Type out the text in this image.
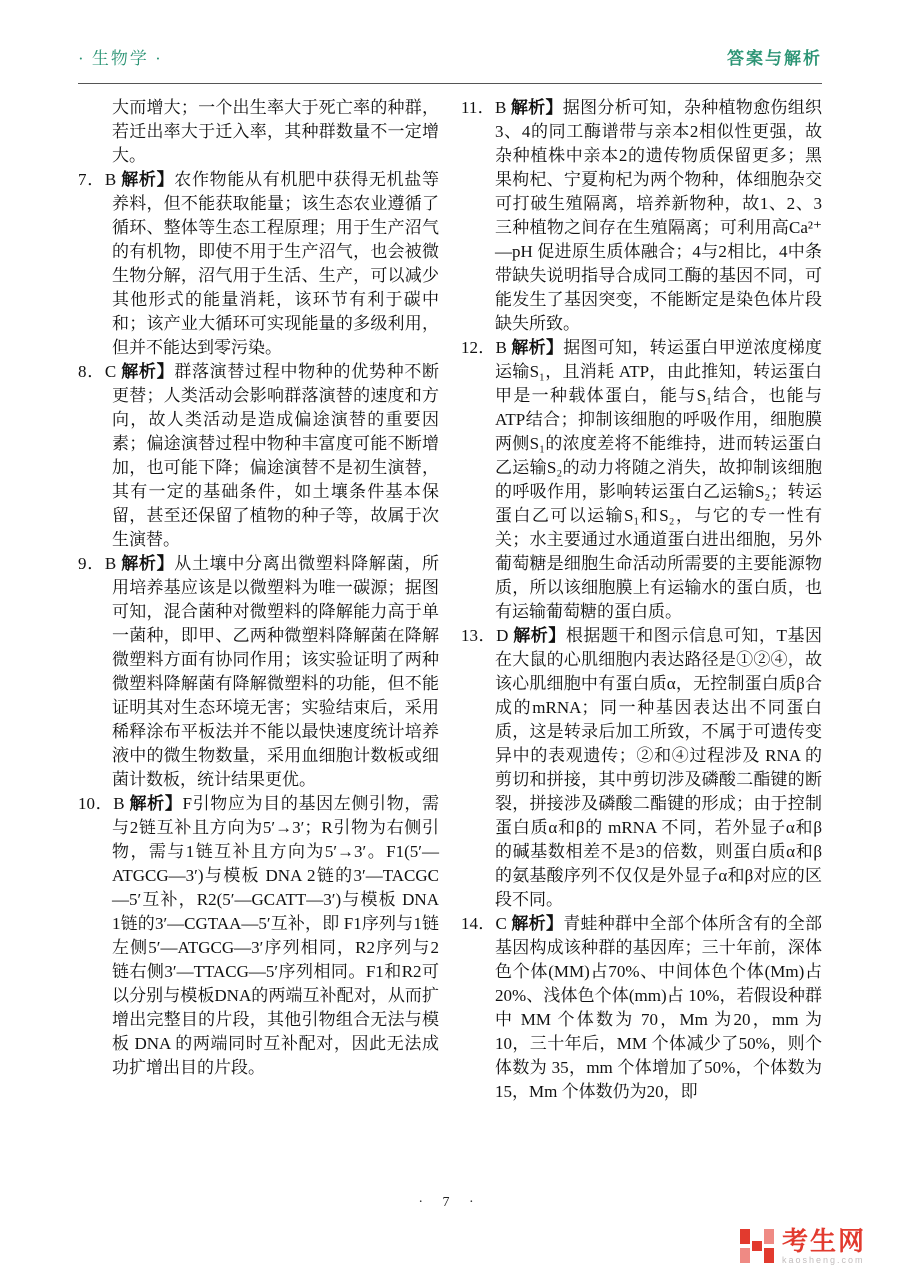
· 生物学 ·	答案与解析

大而增大；一个出生率大于死亡率的种群，若迁出率大于迁入率，其种群数量不一定增大。

7．B 解析】农作物能从有机肥中获得无机盐等养料，但不能获取能量；该生态农业遵循了循环、整体等生态工程原理；用于生产沼气的有机物，即使不用于生产沼气，也会被微生物分解，沼气用于生活、生产，可以减少其他形式的能量消耗，该环节有利于碳中和；该产业大循环可实现能量的多级利用，但并不能达到零污染。

8．C 解析】群落演替过程中物种的优势种不断更替；人类活动会影响群落演替的速度和方向，故人类活动是造成偏途演替的重要因素；偏途演替过程中物种丰富度可能不断增加，也可能下降；偏途演替不是初生演替，其有一定的基础条件，如土壤条件基本保留，甚至还保留了植物的种子等，故属于次生演替。

9．B 解析】从土壤中分离出微塑料降解菌，所用培养基应该是以微塑料为唯一碳源；据图可知，混合菌种对微塑料的降解能力高于单一菌种，即甲、乙两种微塑料降解菌在降解微塑料方面有协同作用；该实验证明了两种微塑料降解菌有降解微塑料的功能，但不能证明其对生态环境无害；实验结束后，采用稀释涂布平板法并不能以最快速度统计培养液中的微生物数量，采用血细胞计数板或细菌计数板，统计结果更优。

10．B 解析】F引物应为目的基因左侧引物，需与2链互补且方向为5′→3′；R引物为右侧引物，需与1链互补且方向为5′→3′。F1(5′—ATGCG—3′)与模板 DNA 2链的3′—TACGC—5′互补，R2(5′—GCATT—3′)与模板 DNA 1链的3′—CGTAA—5′互补，即 F1序列与1链左侧5′—ATGCG—3′序列相同，R2序列与2链右侧3′—TTACG—5′序列相同。F1和R2可以分别与模板DNA的两端互补配对，从而扩增出完整目的片段，其他引物组合无法与模板 DNA 的两端同时互补配对，因此无法成功扩增出目的片段。

11．B 解析】据图分析可知，杂种植物愈伤组织3、4的同工酶谱带与亲本2相似性更强，故杂种植株中亲本2的遗传物质保留更多；黑果枸杞、宁夏枸杞为两个物种，体细胞杂交可打破生殖隔离，培养新物种，故1、2、3三种植物之间存在生殖隔离；可利用高Ca²⁺—pH 促进原生质体融合；4与2相比，4中条带缺失说明指导合成同工酶的基因不同，可能发生了基因突变，不能断定是染色体片段缺失所致。

12．B 解析】据图可知，转运蛋白甲逆浓度梯度运输S₁，且消耗 ATP，由此推知，转运蛋白甲是一种载体蛋白，能与S₁结合，也能与ATP结合；抑制该细胞的呼吸作用，细胞膜两侧S₁的浓度差将不能维持，进而转运蛋白乙运输S₂的动力将随之消失，故抑制该细胞的呼吸作用，影响转运蛋白乙运输S₂；转运蛋白乙可以运输S₁和S₂，与它的专一性有关；水主要通过水通道蛋白进出细胞，另外葡萄糖是细胞生命活动所需要的主要能源物质，所以该细胞膜上有运输水的蛋白质，也有运输葡萄糖的蛋白质。

13．D 解析】根据题干和图示信息可知，T基因在大鼠的心肌细胞内表达路径是①②④，故该心肌细胞中有蛋白质α，无控制蛋白质β合成的mRNA；同一种基因表达出不同蛋白质，这是转录后加工所致，不属于可遗传变异中的表观遗传；②和④过程涉及 RNA 的剪切和拼接，其中剪切涉及磷酸二酯键的断裂，拼接涉及磷酸二酯键的形成；由于控制蛋白质α和β的 mRNA 不同，若外显子α和β的碱基数相差不是3的倍数，则蛋白质α和β的氨基酸序列不仅仅是外显子α和β对应的区段不同。

14．C 解析】青蛙种群中全部个体所含有的全部基因构成该种群的基因库；三十年前，深体色个体(MM)占70%、中间体色个体(Mm)占 20%、浅体色个体(mm)占 10%，若假设种群中 MM 个体数为 70，Mm 为20，mm 为 10，三十年后，MM 个体减少了50%，则个体数为 35，mm 个体增加了50%，个体数为15，Mm 个体数仍为20，即

· 7 ·
考生网
kaosheng.com
